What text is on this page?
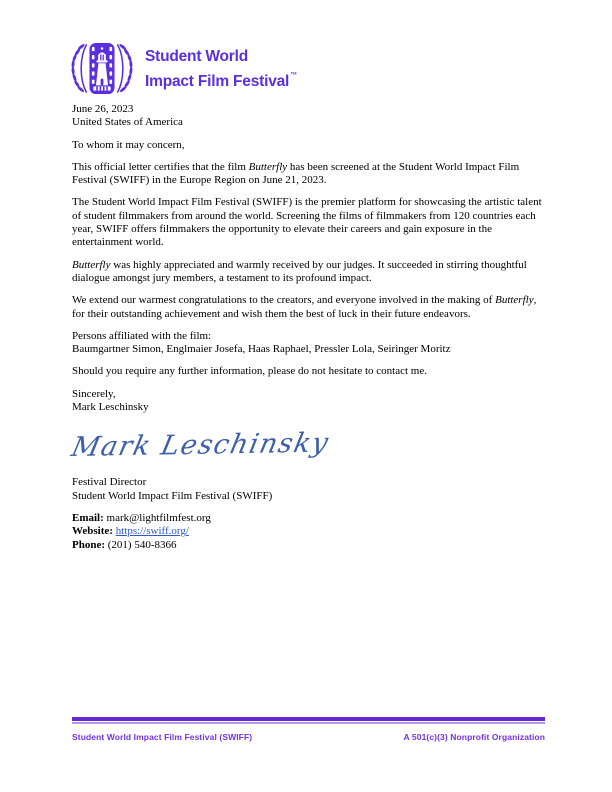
Student World
Impact Film Festival™
June 26, 2023
United States of America

To whom it may concern,

This official letter certifies that the film Butterfly has been screened at the Student World Impact Film Festival (SWIFF) in the Europe Region on June 21, 2023.

The Student World Impact Film Festival (SWIFF) is the premier platform for showcasing the artistic talent of student filmmakers from around the world. Screening the films of filmmakers from 120 countries each year, SWIFF offers filmmakers the opportunity to elevate their careers and gain exposure in the entertainment world.

Butterfly was highly appreciated and warmly received by our judges. It succeeded in stirring thoughtful dialogue amongst jury members, a testament to its profound impact.

We extend our warmest congratulations to the creators, and everyone involved in the making of Butterfly, for their outstanding achievement and wish them the best of luck in their future endeavors.

Persons affiliated with the film:
Baumgartner Simon, Englmaier Josefa, Haas Raphael, Pressler Lola, Seiringer Moritz

Should you require any further information, please do not hesitate to contact me.

Sincerely,
Mark Leschinsky
Mark Leschinsky
Festival Director
Student World Impact Film Festival (SWIFF)
Email: mark@lightfilmfest.org
Website: https://swiff.org/
Phone: (201) 540-8366
Student World Impact Film Festival (SWIFF)	A 501(c)(3) Nonprofit Organization
